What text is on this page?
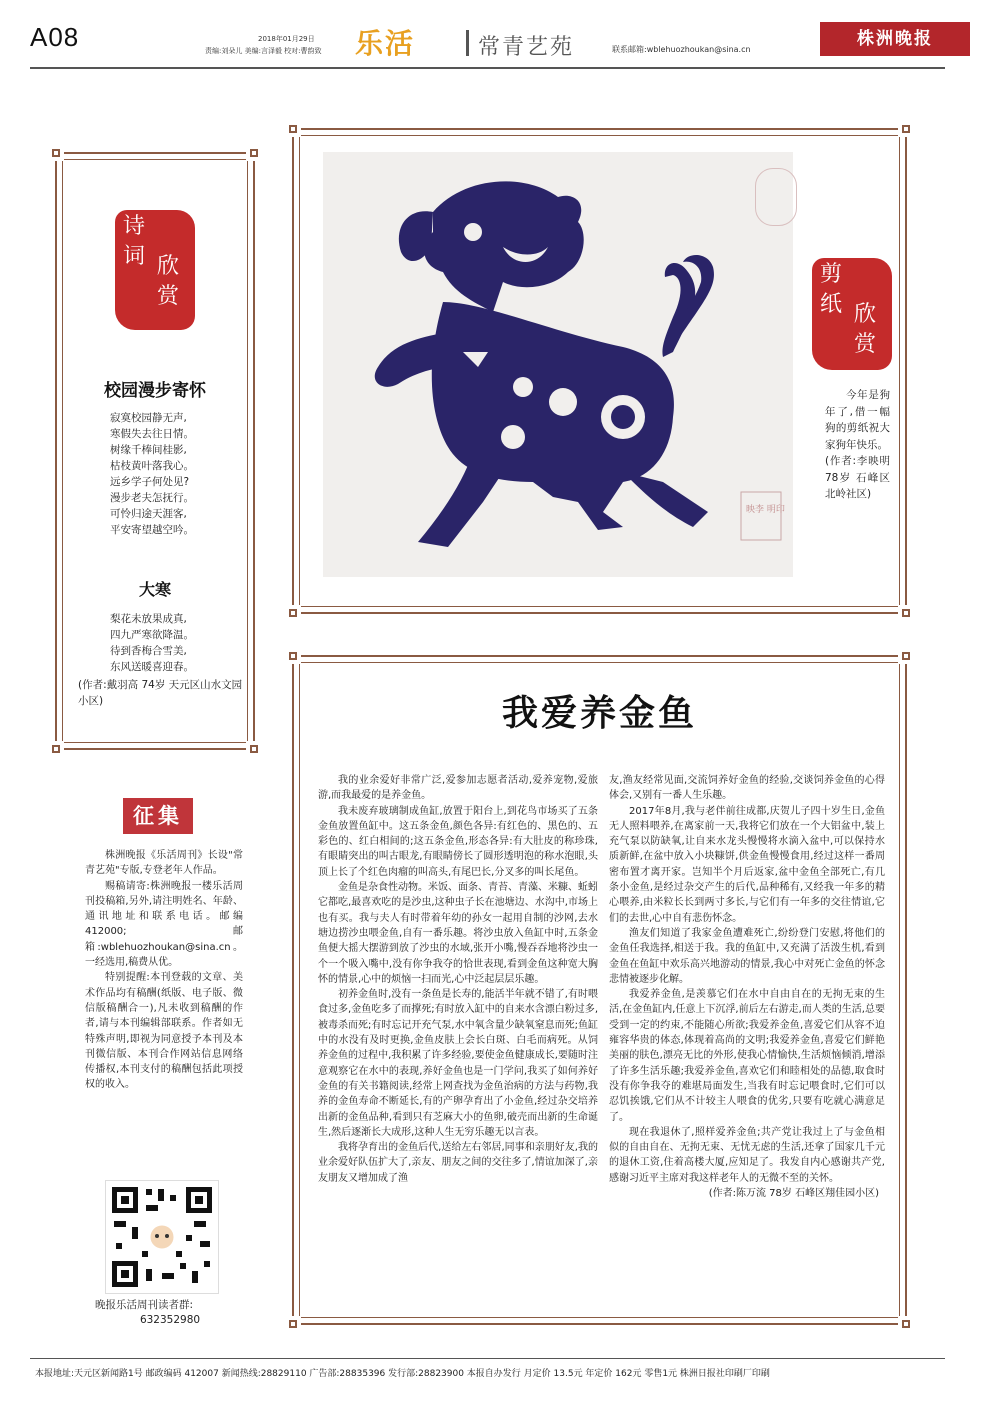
A08	2018年01月29日
责编:刘朵儿 美编:言泽毅 校对:曹韵致 乐活	常青艺苑	联系邮箱:wblehuozhoukan@sina.cn
株洲晚报
诗
词 欣
赏
校园漫步寄怀
寂寞校园静无声,
寒假失去往日情。
树缘千棒间桂影,
枯枝黄叶落我心。
远乡学子何处见?
漫步老夫怎抚行。
可怜归途天涯客,
平安寄望越空吟。
大寒
梨花未放果成真,
四九严寒欲降温。
待到香梅合雪美,
东风送暖喜迎春。
(作者:戴羽高 74岁 天元区山水文园小区)
映李 明印
剪
纸 欣
赏
今年是狗年了,借一幅狗的剪纸祝大家狗年快乐。
(作者:李映明 78岁 石峰区北岭社区)
我爱养金鱼

我的业余爱好非常广泛,爱参加志愿者活动,爱养宠物,爱旅游,而我最爱的是养金鱼。

我未废弃玻璃制成鱼缸,放置于阳台上,到花鸟市场买了五条金鱼放置鱼缸中。这五条金鱼,颜色各异:有红色的、黑色的、五彩色的、红白相间的;这五条金鱼,形态各异:有大肚皮的称珍珠,有眼睛突出的叫古眼龙,有眼睛傍长了圆形透明泡的称水泡眼,头顶上长了个红色肉瘤的叫高头,有尾巴长,分叉多的叫长尾鱼。

金鱼是杂食性动物。米饭、面条、青苔、青藻、米糠、蚯蚓它都吃,最喜欢吃的是沙虫,这种虫子长在池塘边、水沟中,市场上也有买。我与夫人有时带着年幼的孙女一起用自制的沙网,去水塘边捞沙虫喂金鱼,自有一番乐趣。将沙虫放入鱼缸中时,五条金鱼便大摇大摆游到放了沙虫的水域,张开小嘴,慢吞吞地将沙虫一个一个吸入嘴中,没有你争我夺的恰世表现,看到金鱼这种宽大胸怀的情景,心中的烦恼一扫而光,心中泛起层层乐趣。

初养金鱼时,没有一条鱼是长寿的,能活半年就不错了,有时喂食过多,金鱼吃多了而撑死;有时放入缸中的自来水含漂白粉过多,被毒杀而死;有时忘记开充气泵,水中氧含量少缺氧窒息而死;鱼缸中的水没有及时更换,金鱼皮肤上会长白斑、白毛而病死。从饲养金鱼的过程中,我积累了许多经验,要使金鱼健康成长,要随时注意观察它在水中的表现,养好金鱼也是一门学问,我买了如何养好金鱼的有关书籍阅读,经常上网查找为金鱼治病的方法与药物,我养的金鱼寿命不断延长,有的产卵孕育出了小金鱼,经过杂交培养出新的金鱼品种,看到只有芝麻大小的鱼卵,破壳而出新的生命诞生,然后逐渐长大成形,这种人生无穷乐趣无以言表。

我将孕育出的金鱼后代,送给左右邻居,同事和亲朋好友,我的业余爱好队伍扩大了,亲友、朋友之间的交往多了,情谊加深了,亲友朋友又增加成了渔

友,渔友经常见面,交流饲养好金鱼的经验,交谈饲养金鱼的心得体会,又别有一番人生乐趣。

2017年8月,我与老伴前往成都,庆贺儿子四十岁生日,金鱼无人照料喂养,在离家前一天,我将它们放在一个大铝盆中,装上充气泵以防缺氧,让自来水龙头慢慢将水滴入盆中,可以保持水质新鲜,在盆中放入小块糠饼,供金鱼慢慢食用,经过这样一番周密布置才离开家。岂知半个月后返家,盆中金鱼全部死亡,有几条小金鱼,是经过杂交产生的后代,品种稀有,又经我一年多的精心喂养,由米粒长长到两寸多长,与它们有一年多的交往情谊,它们的去世,心中自有悲伤怀念。

渔友们知道了我家金鱼遭难死亡,纷纷登门安慰,将他们的金鱼任我选择,相送于我。我的鱼缸中,又充满了活泼生机,看到金鱼在鱼缸中欢乐高兴地游动的情景,我心中对死亡金鱼的怀念悲情被逐步化解。

我爱养金鱼,是羡慕它们在水中自由自在的无拘无束的生活,在金鱼缸内,任意上下沉浮,前后左右游走,而人类的生活,总要受到一定的约束,不能随心所欲;我爱养金鱼,喜爱它们从容不迫雍容华贵的体态,体现着高尚的文明;我爱养金鱼,喜爱它们鲜艳美丽的肤色,漂亮无比的外形,使我心情愉快,生活烦恼倾消,增添了许多生活乐趣;我爱养金鱼,喜欢它们和睦相处的品德,取食时没有你争我夺的难堪局面发生,当我有时忘记喂食时,它们可以忍饥挨饿,它们从不计较主人喂食的优劣,只要有吃就心满意足了。

现在我退休了,照样爱养金鱼;共产党让我过上了与金鱼相似的自由自在、无拘无束、无忧无虑的生活,还拿了国家几千元的退休工资,住着高楼大厦,应知足了。我发自内心感谢共产党,感谢习近平主席对我这样老年人的无微不至的关怀。

(作者:陈万流 78岁 石峰区翔佳园小区)

征集

株洲晚报《乐活周刊》长设"常青艺苑"专版,专登老年人作品。

赐稿请寄:株洲晚报一楼乐活周刊投稿箱,另外,请注明姓名、年龄、通讯地址和联系电话。邮编412000;邮箱:wblehuozhoukan@sina.cn。一经选用,稿费从优。

特别提醒:本刊登载的文章、美术作品均有稿酬(纸版、电子版、微信版稿酬合一),凡未收到稿酬的作者,请与本刊编辑部联系。作者如无特殊声明,即视为同意授予本刊及本刊微信版、本刊合作网站信息网络传播权,本刊支付的稿酬包括此项授权的收入。

晚报乐活周刊读者群:
632352980
本报地址:天元区新闻路1号 邮政编码 412007 新闻热线:28829110 广告部:28835396 发行部:28823900 本报自办发行 月定价 13.5元 年定价 162元 零售1元 株洲日报社印刷厂印刷
